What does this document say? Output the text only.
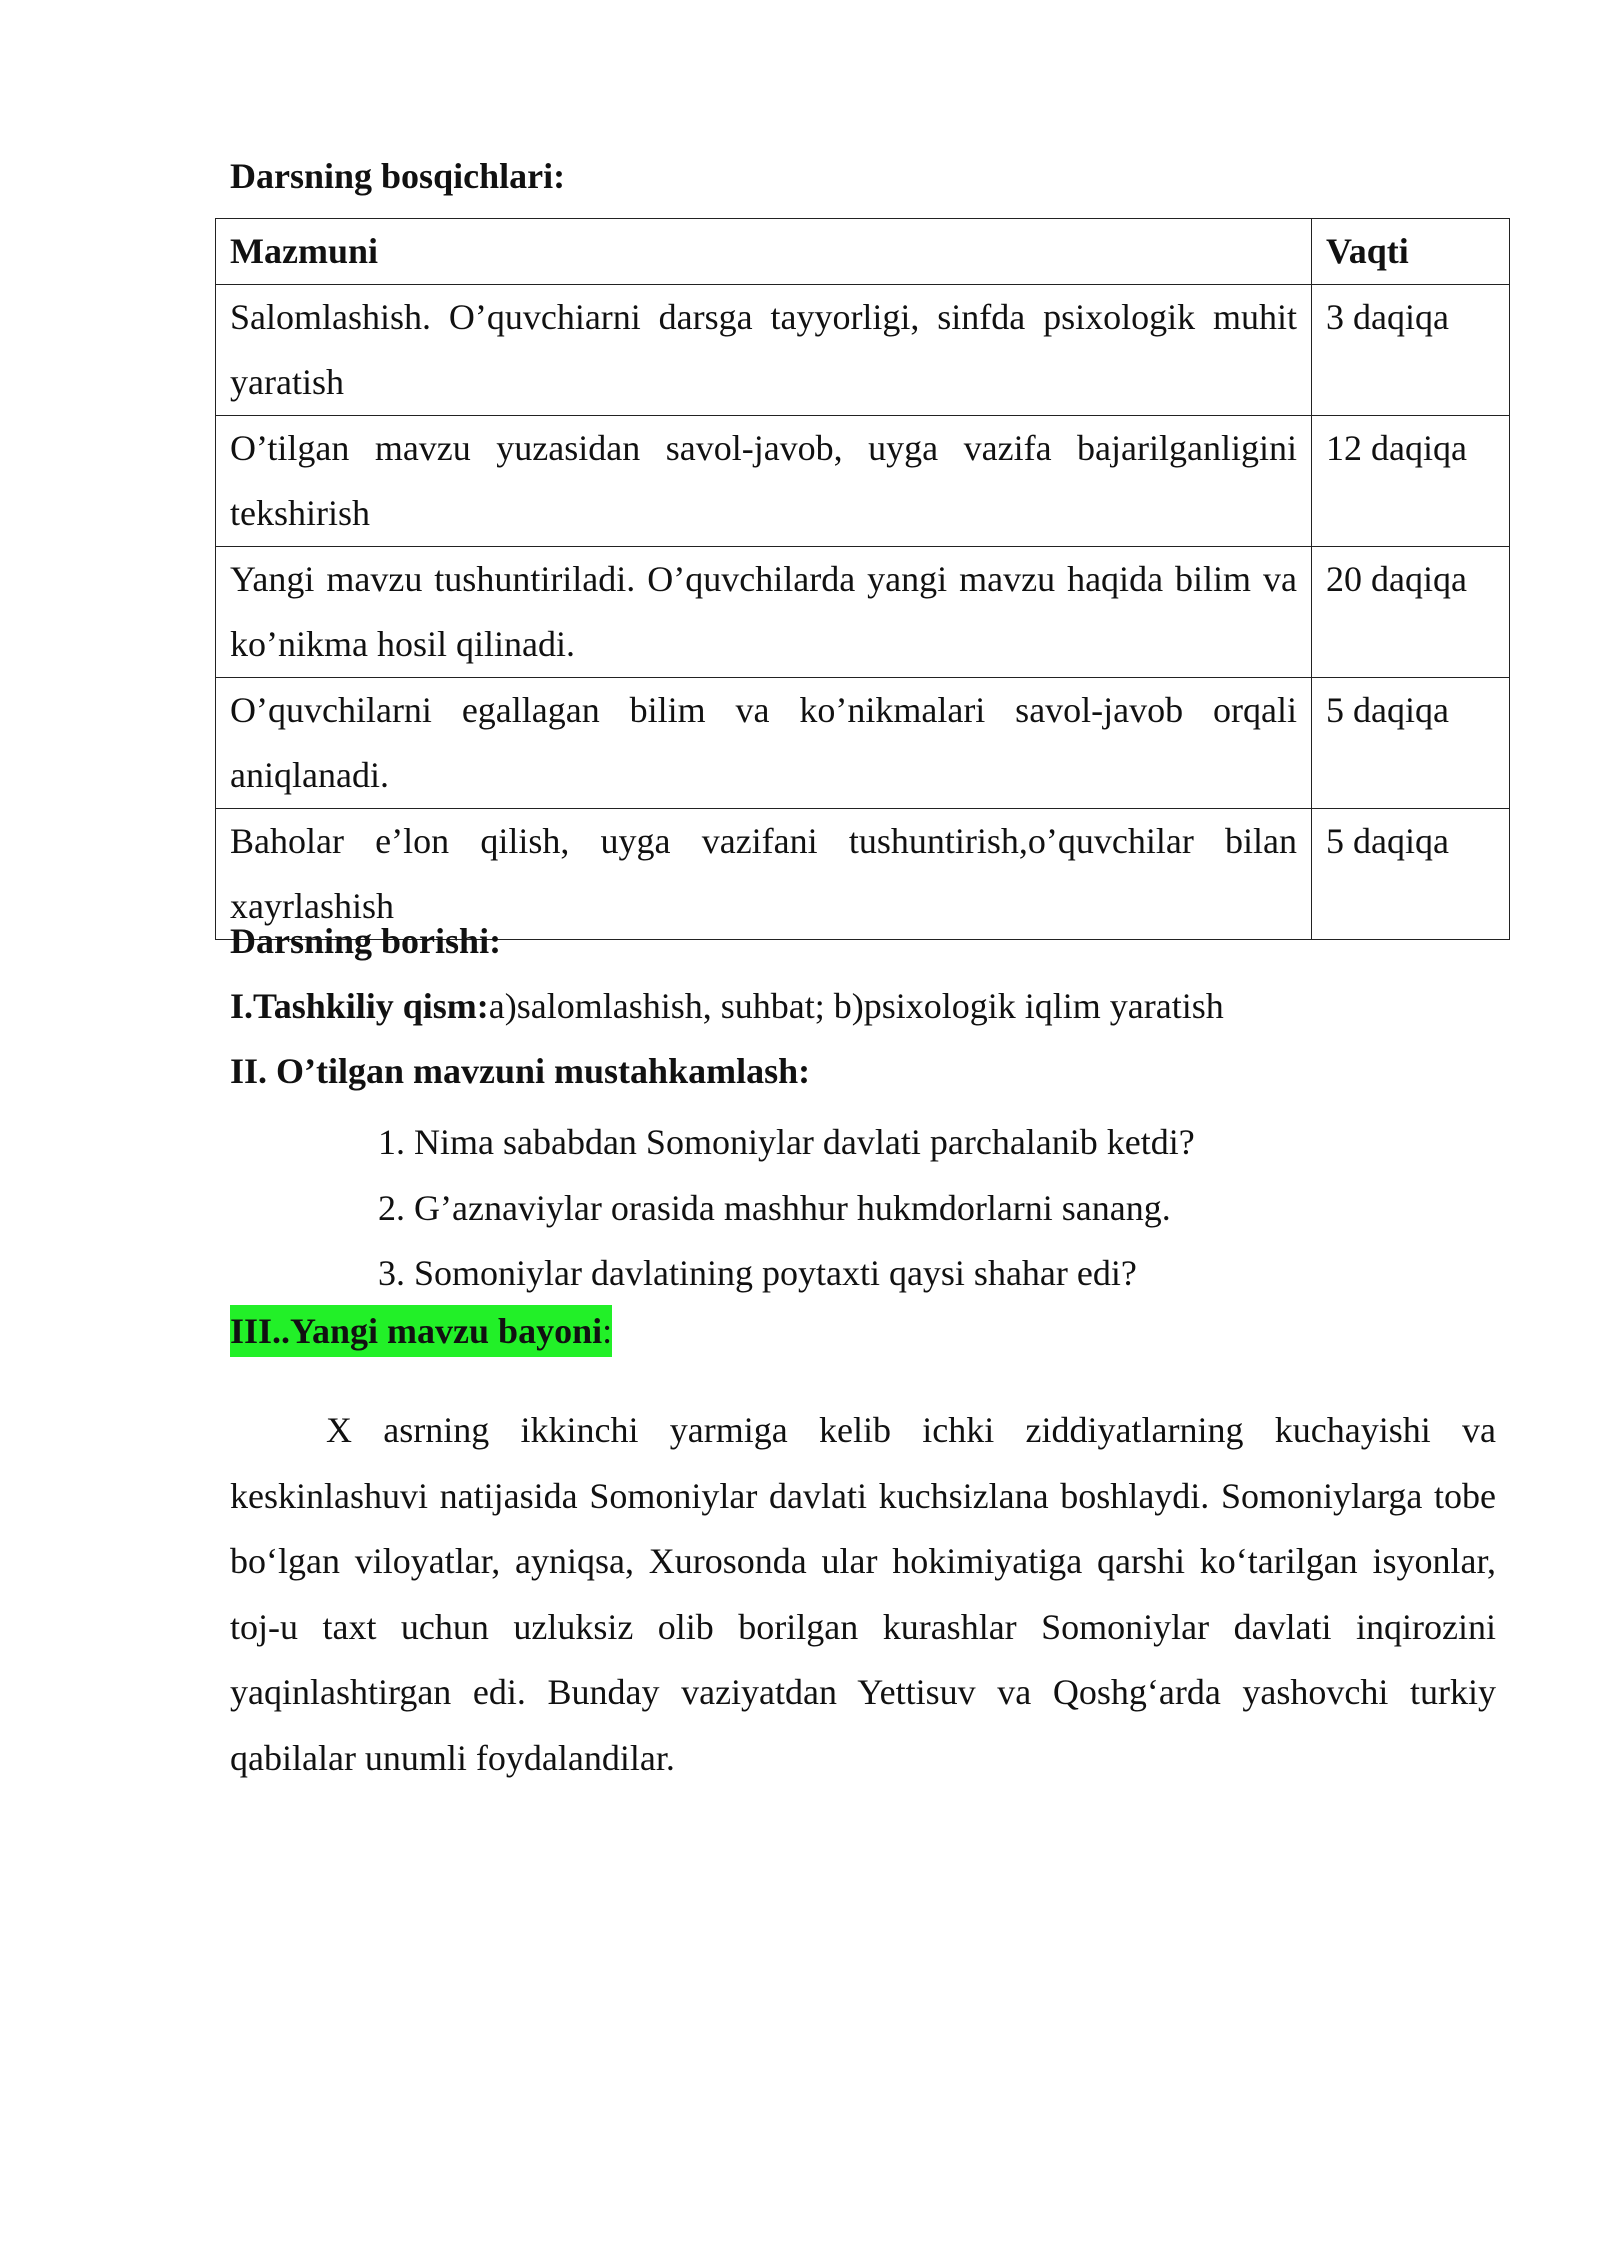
Darsning bosqichlari:
Mazmuni	Vaqti
Salomlashish. O’quvchiarni darsga tayyorligi, sinfda psixologik muhit yaratish	3 daqiqa
O’tilgan mavzu yuzasidan savol-javob, uyga vazifa bajarilganligini tekshirish	12 daqiqa
Yangi mavzu tushuntiriladi. O’quvchilarda yangi mavzu haqida bilim va ko’nikma hosil qilinadi.	20 daqiqa
O’quvchilarni egallagan bilim va ko’nikmalari savol-javob orqali aniqlanadi.	5 daqiqa
Baholar e’lon qilish, uyga vazifani tushuntirish,o’quvchilar bilan xayrlashish	5 daqiqa
Darsning borishi:
I.Tashkiliy qism:a)salomlashish, suhbat; b)psixologik iqlim yaratish
II. O’tilgan mavzuni mustahkamlash:
1. Nima sababdan Somoniylar davlati parchalanib ketdi?
2. G’aznaviylar orasida mashhur hukmdorlarni sanang.
3. Somoniylar davlatining poytaxti qaysi shahar edi?
III..Yangi mavzu bayoni:
X asrning ikkinchi yarmiga kelib ichki ziddiyatlarning kuchayishi va keskinlashuvi natijasida Somoniylar davlati kuchsizlana boshlaydi. Somoniylarga tobe bo‘lgan viloyatlar, ayniqsa, Xurosonda ular hokimiyatiga qarshi ko‘tarilgan isyonlar, toj-u taxt uchun uzluksiz olib borilgan kurashlar Somoniylar davlati inqirozini yaqinlashtirgan edi. Bunday vaziyatdan Yettisuv va Qoshg‘arda yashovchi turkiy qabilalar unumli foydalandilar.
